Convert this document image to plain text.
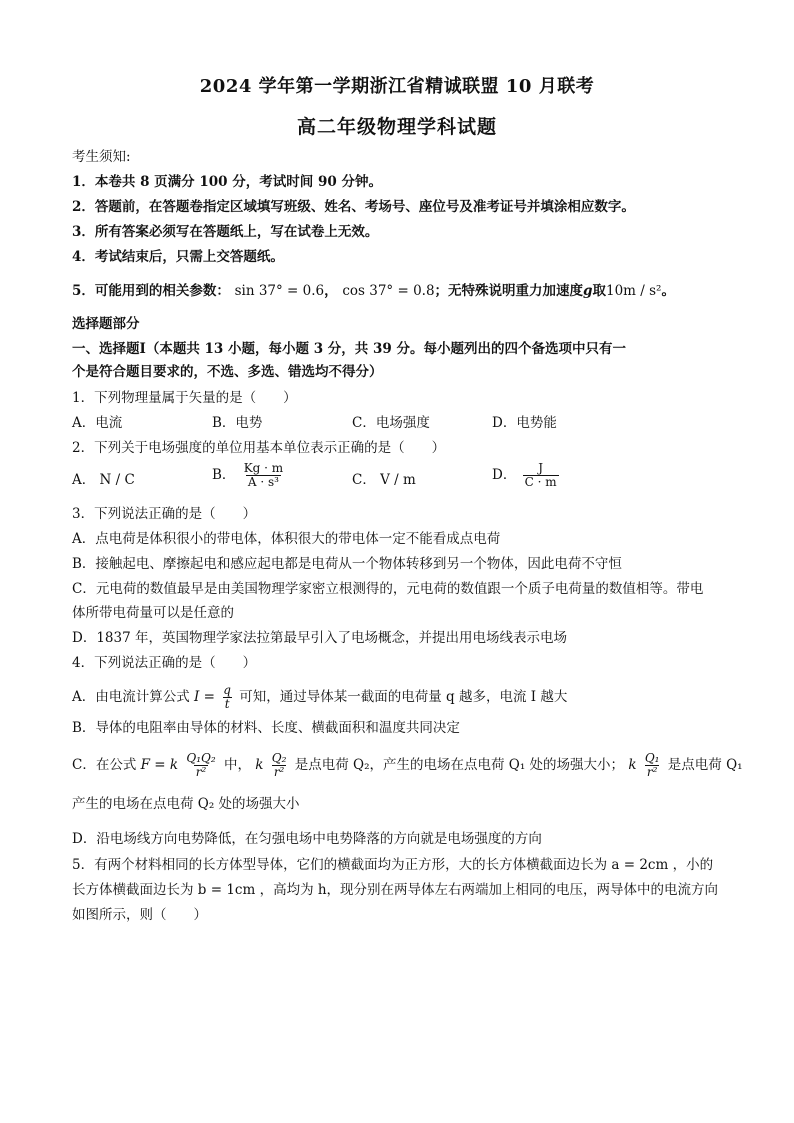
2024 学年第一学期浙江省精诚联盟 10 月联考
高二年级物理学科试题
考生须知:
1．本卷共 8 页满分 100 分，考试时间 90 分钟。
2．答题前，在答题卷指定区域填写班级、姓名、考场号、座位号及准考证号并填涂相应数字。
3．所有答案必须写在答题纸上，写在试卷上无效。
4．考试结束后，只需上交答题纸。
5．可能用到的相关参数： sin 37° = 0.6， cos 37° = 0.8；无特殊说明重力加速度g取10m / s²。
选择题部分
一、选择题Ⅰ（本题共 13 小题，每小题 3 分，共 39 分。每小题列出的四个备选项中只有一
个是符合题目要求的，不选、多选、错选均不得分）
1．下列物理量属于矢量的是（　　）
A．电流	B．电势	C．电场强度	D．电势能
2．下列关于电场强度的单位用基本单位表示正确的是（　　）
A． N / C	B． $\frac{Kg \cdot m}{\text{A · s³}}$	C． V / m	D． $\frac{J}{C \cdot m}$
3．下列说法正确的是（　　）
A．点电荷是体积很小的带电体，体积很大的带电体一定不能看成点电荷
B．接触起电、摩擦起电和感应起电都是电荷从一个物体转移到另一个物体，因此电荷不守恒
C．元电荷的数值最早是由美国物理学家密立根测得的，元电荷的数值跟一个质子电荷量的数值相等。带电
体所带电荷量可以是任意的
D．1837 年，英国物理学家法拉第最早引入了电场概念，并提出用电场线表示电场
4．下列说法正确的是（　　）
A．由电流计算公式 $I = \frac{q}{t}$ 可知，通过导体某一截面的电荷量 q 越多，电流 I 越大
B．导体的电阻率由导体的材料、长度、横截面积和温度共同决定
C．在公式 F = k $\frac{\text{Q₁Q₂}}{\text{r²}}$ 中， k $\frac{\text{Q₂}}{\text{r²}}$ 是点电荷 Q₂，产生的电场在点电荷 Q₁ 处的场强大小； k $\frac{\text{Q₁}}{\text{r²}}$ 是点电荷 Q₁
产生的电场在点电荷 Q₂ 处的场强大小
D．沿电场线方向电势降低，在匀强电场中电势降落的方向就是电场强度的方向
5．有两个材料相同的长方体型导体，它们的横截面均为正方形，大的长方体横截面边长为 a = 2cm ，小的
长方体横截面边长为 b = 1cm ，高均为 h，现分别在两导体左右两端加上相同的电压，两导体中的电流方向
如图所示，则（　　）
